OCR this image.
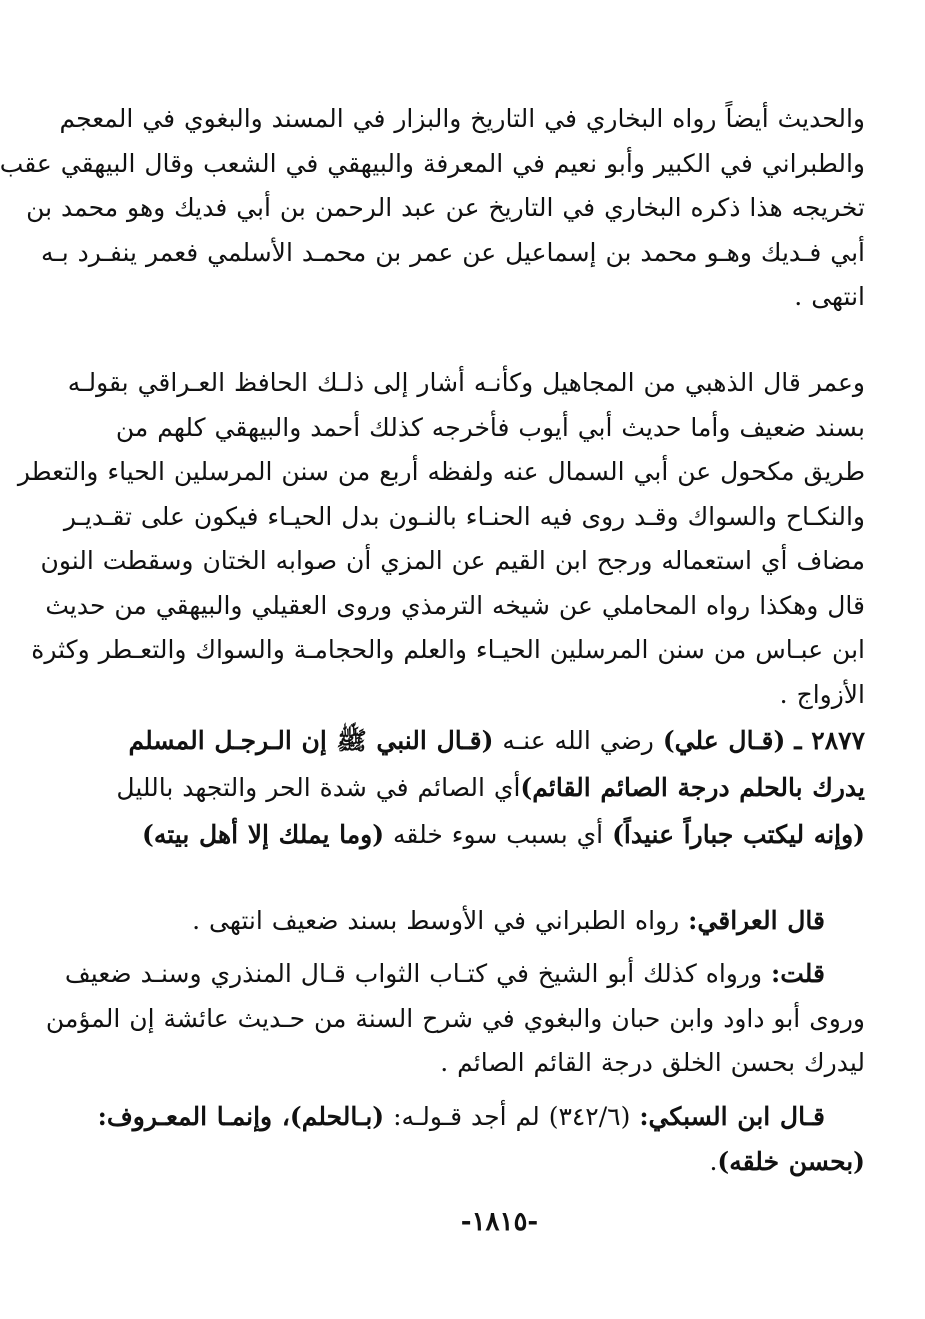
والحديث أيضاً رواه البخاري في التاريخ والبزار في المسند والبغوي في المعجم
والطبراني في الكبير وأبو نعيم في المعرفة والبيهقي في الشعب وقال البيهقي عقب
تخريجه هذا ذكره البخاري في التاريخ عن عبد الرحمن بن أبي فديك وهو محمد بن
أبي فـديك وهـو محمد بن إسماعيل عن عمر بن محمـد الأسلمي فعمر ينفـرد بـه
انتهى .

وعمر قال الذهبي من المجاهيل وكأنـه أشار إلى ذلـك الحافظ العـراقي بقولـه
بسند ضعيف وأما حديث أبي أيوب فأخرجه كذلك أحمد والبيهقي كلهم من
طريق مكحول عن أبي السمال عنه ولفظه أربع من سنن المرسلين الحياء والتعطر
والنكـاح والسواك وقـد روى فيه الحنـاء بالنـون بدل الحيـاء فيكون على تقـديـر
مضاف أي استعماله ورجح ابن القيم عن المزي أن صوابه الختان وسقطت النون
قال وهكذا رواه المحاملي عن شيخه الترمذي وروى العقيلي والبيهقي من حديث
ابن عبـاس من سنن المرسلين الحيـاء والعلم والحجامـة والسواك والتعـطر وكثرة
الأزواج .

٢٨٧٧ ـ (قـال علي) رضي الله عنـه (قـال النبي ﷺ إن الـرجـل المسلم
يدرك بالحلم درجة الصائم القائم)أي الصائم في شدة الحر والتجهد بالليل
(وإنه ليكتب جباراً عنيداً) أي بسبب سوء خلقه (وما يملك إلا أهل بيته)

قال العراقي: رواه الطبراني في الأوسط بسند ضعيف انتهى .

قلت: ورواه كذلك أبو الشيخ في كتـاب الثواب قـال المنذري وسنـد ضعيف
وروى أبو داود وابن حبان والبغوي في شرح السنة من حـديث عائشة إن المؤمن
ليدرك بحسن الخلق درجة القائم الصائم .

قـال ابن السبكي: (٣٤٢/٦) لم أجد قـولـه: (بـالحلم)، وإنمـا المعـروف:
(بحسن خلقه).

-١٨١٥-
